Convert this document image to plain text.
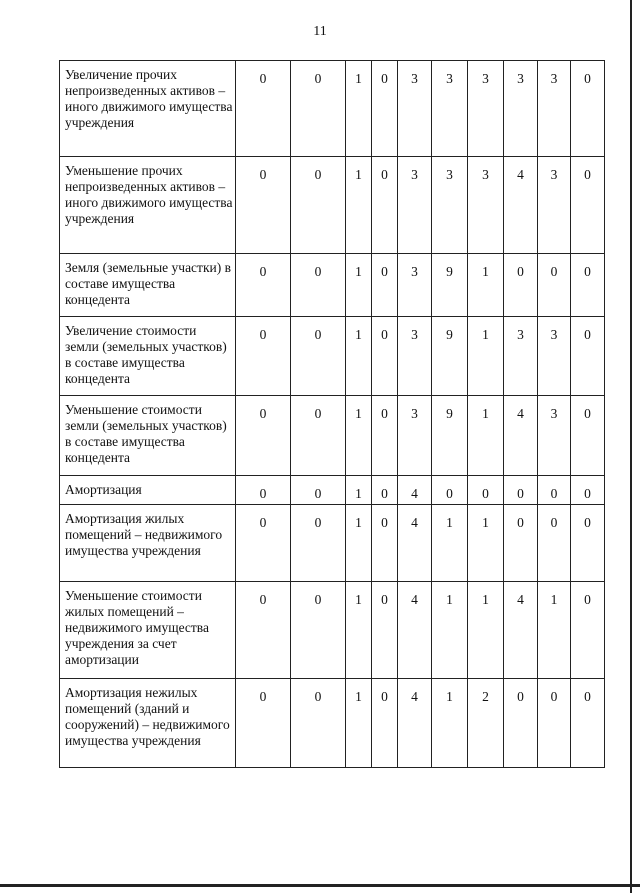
11
Увеличение прочих непроизведенных активов – иного движимого имущества учреждения	0	0	1	0	3	3	3	3	3	0
Уменьшение прочих непроизведенных активов – иного движимого имущества учреждения	0	0	1	0	3	3	3	4	3	0
Земля (земельные участки) в составе имущества концедента	0	0	1	0	3	9	1	0	0	0
Увеличение стоимости земли (земельных участков) в составе имущества концедента	0	0	1	0	3	9	1	3	3	0
Уменьшение стоимости земли (земельных участков) в составе имущества концедента	0	0	1	0	3	9	1	4	3	0
Амортизация	0	0	1	0	4	0	0	0	0	0
Амортизация жилых помещений – недвижимого имущества учреждения	0	0	1	0	4	1	1	0	0	0
Уменьшение стоимости жилых помещений – недвижимого имущества учреждения за счет амортизации	0	0	1	0	4	1	1	4	1	0
Амортизация нежилых помещений (зданий и сооружений) – недвижимого имущества учреждения	0	0	1	0	4	1	2	0	0	0
